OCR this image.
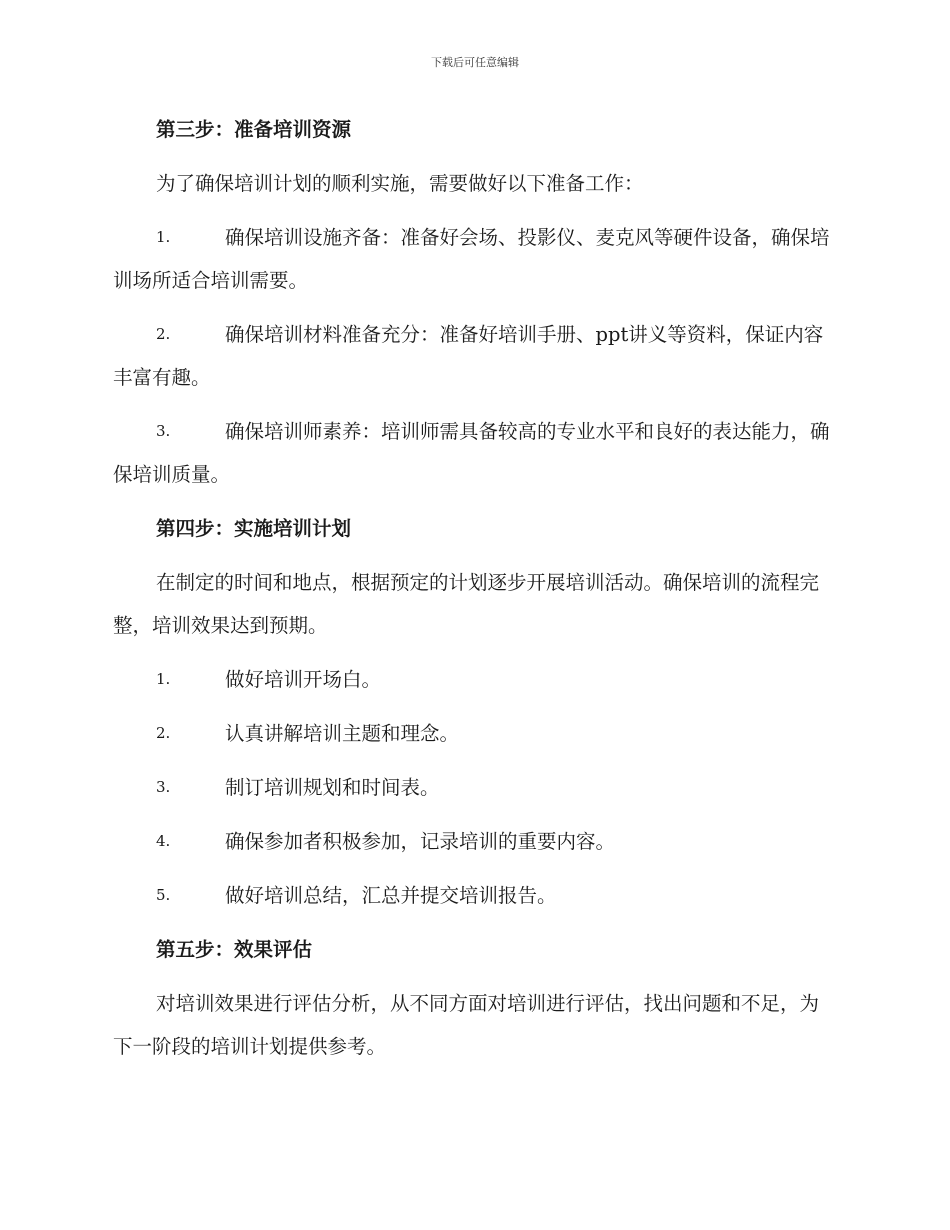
下载后可任意编辑
第三步：准备培训资源
为了确保培训计划的顺利实施，需要做好以下准备工作：
1.	确保培训设施齐备：准备好会场、投影仪、麦克风等硬件设备，确保培训场所适合培训需要。
2.	确保培训材料准备充分：准备好培训手册、ppt讲义等资料，保证内容丰富有趣。
3.	确保培训师素养：培训师需具备较高的专业水平和良好的表达能力，确保培训质量。
第四步：实施培训计划
在制定的时间和地点，根据预定的计划逐步开展培训活动。确保培训的流程完整，培训效果达到预期。
1.	做好培训开场白。
2.	认真讲解培训主题和理念。
3.	制订培训规划和时间表。
4.	确保参加者积极参加，记录培训的重要内容。
5.	做好培训总结，汇总并提交培训报告。
第五步：效果评估
对培训效果进行评估分析，从不同方面对培训进行评估，找出问题和不足，为下一阶段的培训计划提供参考。
